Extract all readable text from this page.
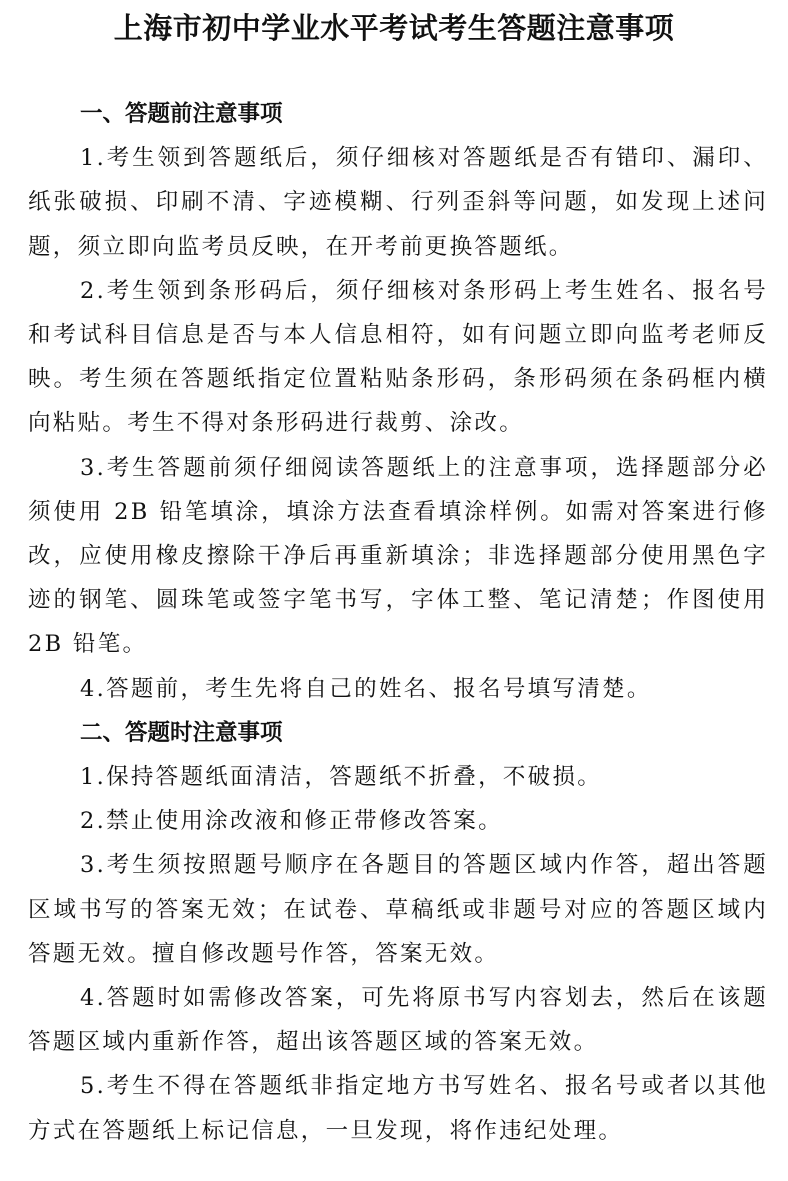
上海市初中学业水平考试考生答题注意事项

一、答题前注意事项

1.考生领到答题纸后，须仔细核对答题纸是否有错印、漏印、纸张破损、印刷不清、字迹模糊、行列歪斜等问题，如发现上述问题，须立即向监考员反映，在开考前更换答题纸。

2.考生领到条形码后，须仔细核对条形码上考生姓名、报名号和考试科目信息是否与本人信息相符，如有问题立即向监考老师反映。考生须在答题纸指定位置粘贴条形码，条形码须在条码框内横向粘贴。考生不得对条形码进行裁剪、涂改。

3.考生答题前须仔细阅读答题纸上的注意事项，选择题部分必须使用 2B 铅笔填涂，填涂方法查看填涂样例。如需对答案进行修改，应使用橡皮擦除干净后再重新填涂；非选择题部分使用黑色字迹的钢笔、圆珠笔或签字笔书写，字体工整、笔记清楚；作图使用 2B 铅笔。

4.答题前，考生先将自己的姓名、报名号填写清楚。

二、答题时注意事项

1.保持答题纸面清洁，答题纸不折叠，不破损。

2.禁止使用涂改液和修正带修改答案。

3.考生须按照题号顺序在各题目的答题区域内作答，超出答题区域书写的答案无效；在试卷、草稿纸或非题号对应的答题区域内答题无效。擅自修改题号作答，答案无效。

4.答题时如需修改答案，可先将原书写内容划去，然后在该题答题区域内重新作答，超出该答题区域的答案无效。

5.考生不得在答题纸非指定地方书写姓名、报名号或者以其他方式在答题纸上标记信息，一旦发现，将作违纪处理。
